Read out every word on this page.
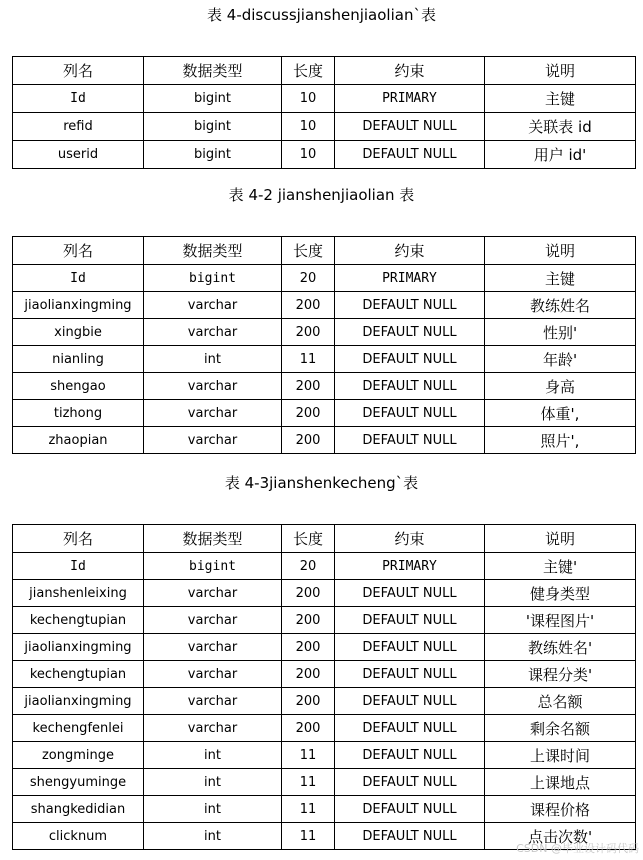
表 4-discussjianshenjiaolian`表
列名	数据类型	长度	约束	说明
Id	bigint	10	PRIMARY	主键
refid	bigint	10	DEFAULT NULL	关联表 id
userid	bigint	10	DEFAULT NULL	用户 id'
表 4-2 jianshenjiaolian 表
列名	数据类型	长度	约束	说明
Id	bigint	20	PRIMARY	主键
jiaolianxingming	varchar	200	DEFAULT NULL	教练姓名
xingbie	varchar	200	DEFAULT NULL	性别'
nianling	int	11	DEFAULT NULL	年龄'
shengao	varchar	200	DEFAULT NULL	身高
tizhong	varchar	200	DEFAULT NULL	体重',
zhaopian	varchar	200	DEFAULT NULL	照片',
表 4-3jianshenkecheng`表
列名	数据类型	长度	约束	说明
Id	bigint	20	PRIMARY	主键'
jianshenleixing	varchar	200	DEFAULT NULL	健身类型
kechengtupian	varchar	200	DEFAULT NULL	'课程图片'
jiaolianxingming	varchar	200	DEFAULT NULL	教练姓名'
kechengtupian	varchar	200	DEFAULT NULL	课程分类'
jiaolianxingming	varchar	200	DEFAULT NULL	总名额
kechengfenlei	varchar	200	DEFAULT NULL	剩余名额
zongminge	int	11	DEFAULT NULL	上课时间
shengyuminge	int	11	DEFAULT NULL	上课地点
shangkedidian	int	11	DEFAULT NULL	课程价格
clicknum	int	11	DEFAULT NULL	点击次数'
CSDN @毕业设计码代码
